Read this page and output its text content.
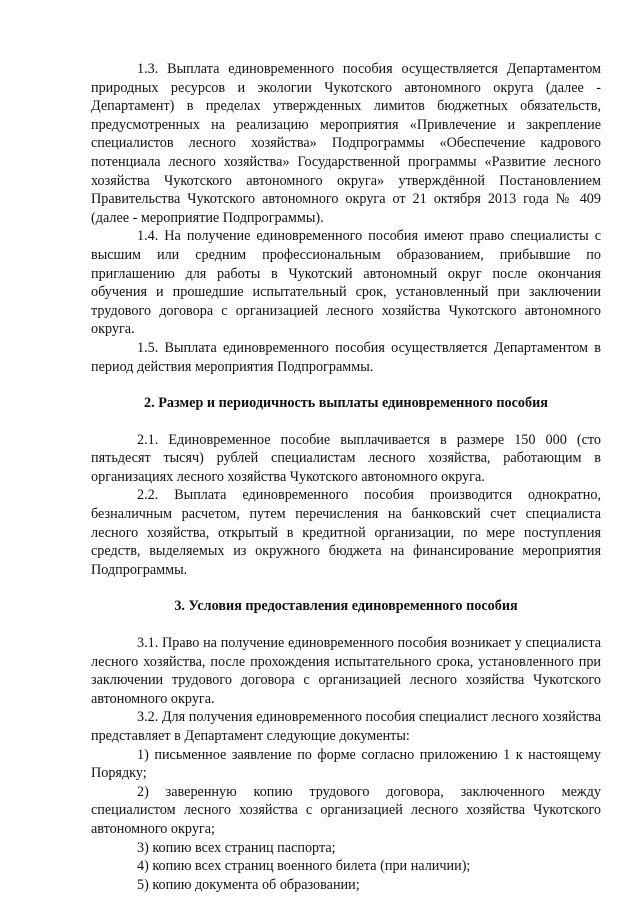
1.3. Выплата единовременного пособия осуществляется Департаментом природных ресурсов и экологии Чукотского автономного округа (далее - Департамент) в пределах утвержденных лимитов бюджетных обязательств, предусмотренных на реализацию мероприятия «Привлечение и закрепление специалистов лесного хозяйства» Подпрограммы «Обеспечение кадрового потенциала лесного хозяйства» Государственной программы «Развитие лесного хозяйства Чукотского автономного округа» утверждённой Постановлением Правительства Чукотского автономного округа от 21 октября 2013 года № 409 (далее - мероприятие Подпрограммы).

1.4. На получение единовременного пособия имеют право специалисты с высшим или средним профессиональным образованием, прибывшие по приглашению для работы в Чукотский автономный округ после окончания обучения и прошедшие испытательный срок, установленный при заключении трудового договора с организацией лесного хозяйства Чукотского автономного округа.

1.5. Выплата единовременного пособия осуществляется Департаментом в период действия мероприятия Подпрограммы.

2. Размер и периодичность выплаты единовременного пособия

2.1. Единовременное пособие выплачивается в размере 150 000 (сто пятьдесят тысяч) рублей специалистам лесного хозяйства, работающим в организациях лесного хозяйства Чукотского автономного округа.

2.2. Выплата единовременного пособия производится однократно, безналичным расчетом, путем перечисления на банковский счет специалиста лесного хозяйства, открытый в кредитной организации, по мере поступления средств, выделяемых из окружного бюджета на финансирование мероприятия Подпрограммы.

3. Условия предоставления единовременного пособия

3.1. Право на получение единовременного пособия возникает у специалиста лесного хозяйства, после прохождения испытательного срока, установленного при заключении трудового договора с организацией лесного хозяйства Чукотского автономного округа.

3.2. Для получения единовременного пособия специалист лесного хозяйства представляет в Департамент следующие документы:

1) письменное заявление по форме согласно приложению 1 к настоящему Порядку;

2) заверенную копию трудового договора, заключенного между специалистом лесного хозяйства с организацией лесного хозяйства Чукотского автономного округа;

3) копию всех страниц паспорта;

4) копию всех страниц военного билета (при наличии);

5) копию документа об образовании;
